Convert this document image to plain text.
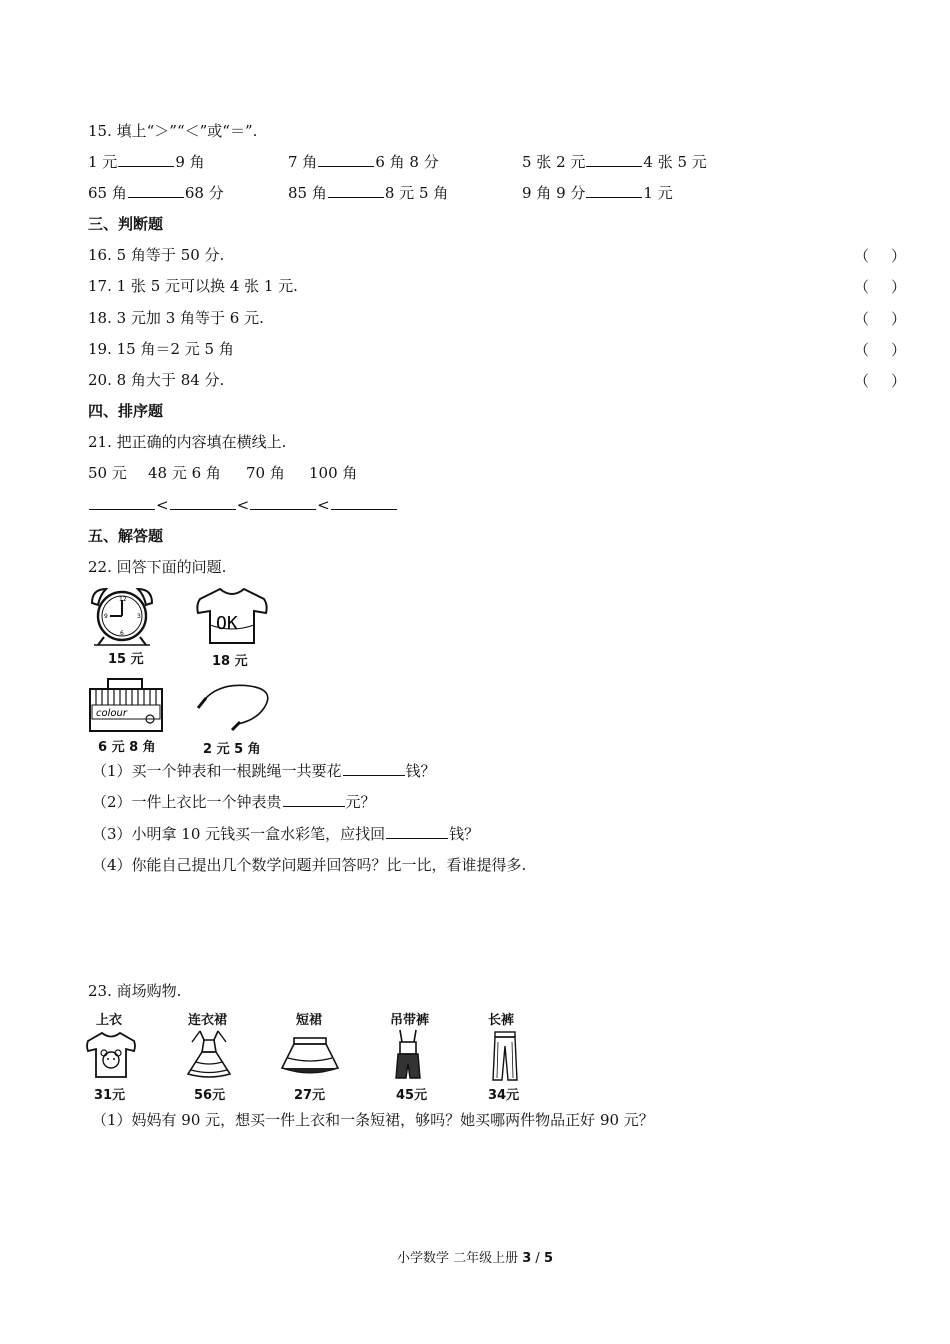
15. 填上“＞”“＜”或“＝”.
1 元	9 角	7 角	6 角 8 分	5 张 2 元	4 张 5 元
65 角	68 分	85 角	8 元 5 角	9 角 9 分	1 元
三、判断题
16. 5 角等于 50 分.	（ ）
17. 1 张 5 元可以换 4 张 1 元.	（ ）
18. 3 元加 3 角等于 6 元.	（ ）
19. 15 角＝2 元 5 角	（ ）
20. 8 角大于 84 分.	（ ）
四、排序题
21. 把正确的内容填在横线上.
50 元 48 元 6 角 70 角 100 角
<	<	<
五、解答题
22. 回答下面的问题.
12
3
6
9
15 元
OK
18 元
colour
6 元 8 角	2 元 5 角
（1）买一个钟表和一根跳绳一共要花	钱？
（2）一件上衣比一个钟表贵	元？
（3）小明拿 10 元钱买一盒水彩笔，应找回	钱？
（4）你能自己提出几个数学问题并回答吗？比一比，看谁提得多.
23. 商场购物.
上衣	连衣裙	短裙	吊带裤	长裤
31元	56元	27元	45元	34元
（1）妈妈有 90 元，想买一件上衣和一条短裙，够吗？她买哪两件物品正好 90 元？
小学数学 二年级上册 3 / 5
